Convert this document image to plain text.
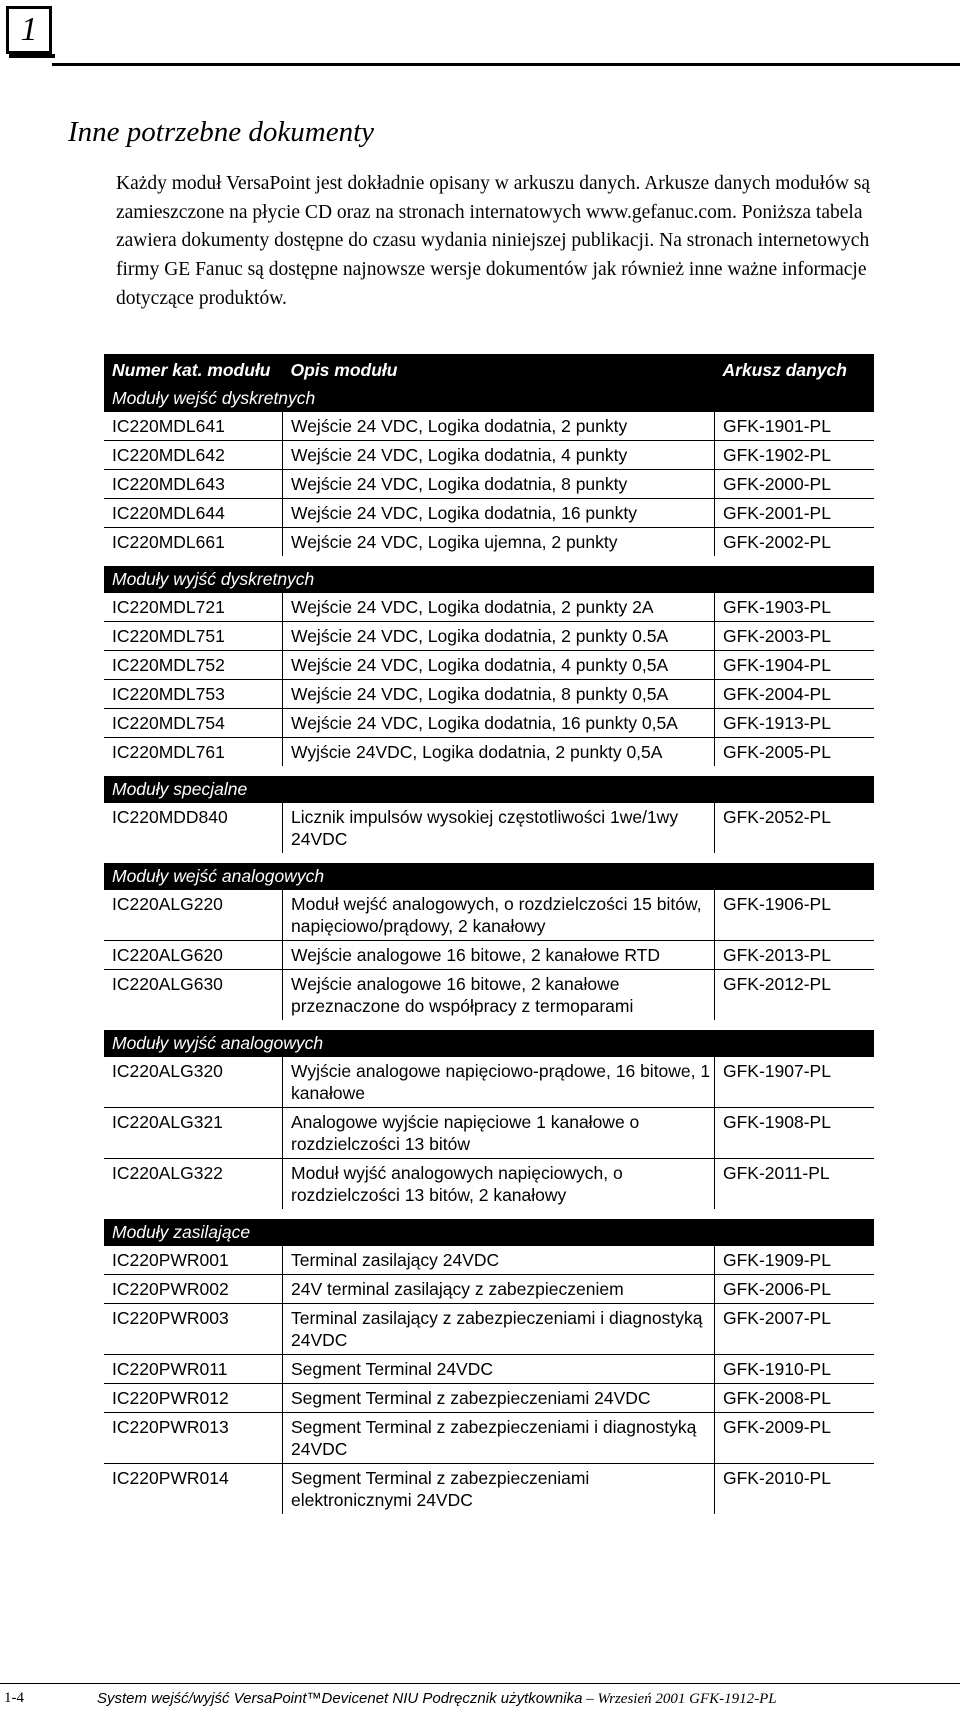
1
Inne potrzebne dokumenty

Każdy moduł VersaPoint jest dokładnie opisany w arkuszu danych. Arkusze danych modułów są zamieszczone na płycie CD oraz na stronach internatowych www.gefanuc.com. Poniższa tabela zawiera dokumenty dostępne do czasu wydania niniejszej publikacji. Na stronach internetowych firmy GE Fanuc są dostępne najnowsze wersje dokumentów jak również inne ważne informacje dotyczące produktów.

Numer kat. modułu	Opis modułu	Arkusz danych
Moduły wejść dyskretnych		
IC220MDL641	Wejście 24 VDC, Logika dodatnia, 2 punkty	GFK-1901-PL
IC220MDL642	Wejście 24 VDC, Logika dodatnia, 4 punkty	GFK-1902-PL
IC220MDL643	Wejście 24 VDC, Logika dodatnia, 8 punkty	GFK-2000-PL
IC220MDL644	Wejście 24 VDC, Logika dodatnia, 16 punkty	GFK-2001-PL
IC220MDL661	Wejście 24 VDC, Logika ujemna, 2 punkty	GFK-2002-PL

Moduły wyjść dyskretnych		
IC220MDL721	Wejście 24 VDC, Logika dodatnia, 2 punkty 2A	GFK-1903-PL
IC220MDL751	Wejście 24 VDC, Logika dodatnia, 2 punkty 0.5A	GFK-2003-PL
IC220MDL752	Wejście 24 VDC, Logika dodatnia, 4 punkty 0,5A	GFK-1904-PL
IC220MDL753	Wejście 24 VDC, Logika dodatnia, 8 punkty 0,5A	GFK-2004-PL
IC220MDL754	Wejście 24 VDC, Logika dodatnia, 16 punkty 0,5A	GFK-1913-PL
IC220MDL761	Wyjście 24VDC, Logika dodatnia, 2 punkty 0,5A	GFK-2005-PL

Moduły specjalne		
IC220MDD840	Licznik impulsów wysokiej częstotliwości 1we/1wy 24VDC	GFK-2052-PL

Moduły wejść analogowych		
IC220ALG220	Moduł wejść analogowych, o rozdzielczości 15 bitów, napięciowo/prądowy, 2 kanałowy	GFK-1906-PL
IC220ALG620	Wejście analogowe 16 bitowe, 2 kanałowe RTD	GFK-2013-PL
IC220ALG630	Wejście analogowe 16 bitowe, 2 kanałowe przeznaczone do współpracy z termoparami	GFK-2012-PL

Moduły wyjść analogowych		
IC220ALG320	Wyjście analogowe napięciowo-prądowe, 16 bitowe, 1 kanałowe	GFK-1907-PL
IC220ALG321	Analogowe wyjście napięciowe 1 kanałowe o rozdzielczości 13 bitów	GFK-1908-PL
IC220ALG322	Moduł wyjść analogowych napięciowych, o rozdzielczości 13 bitów, 2 kanałowy	GFK-2011-PL

Moduły zasilające		
IC220PWR001	Terminal zasilający 24VDC	GFK-1909-PL
IC220PWR002	24V terminal zasilający z zabezpieczeniem	GFK-2006-PL
IC220PWR003	Terminal zasilający z zabezpieczeniami i diagnostyką 24VDC	GFK-2007-PL
IC220PWR011	Segment Terminal 24VDC	GFK-1910-PL
IC220PWR012	Segment Terminal z zabezpieczeniami 24VDC	GFK-2008-PL
IC220PWR013	Segment Terminal z zabezpieczeniami i diagnostyką 24VDC	GFK-2009-PL
IC220PWR014	Segment Terminal z zabezpieczeniami elektronicznymi 24VDC	GFK-2010-PL
1-4	System wejść/wyjść VersaPoint™Devicenet NIU Podręcznik użytkownika – Wrzesień 2001 GFK-1912-PL
